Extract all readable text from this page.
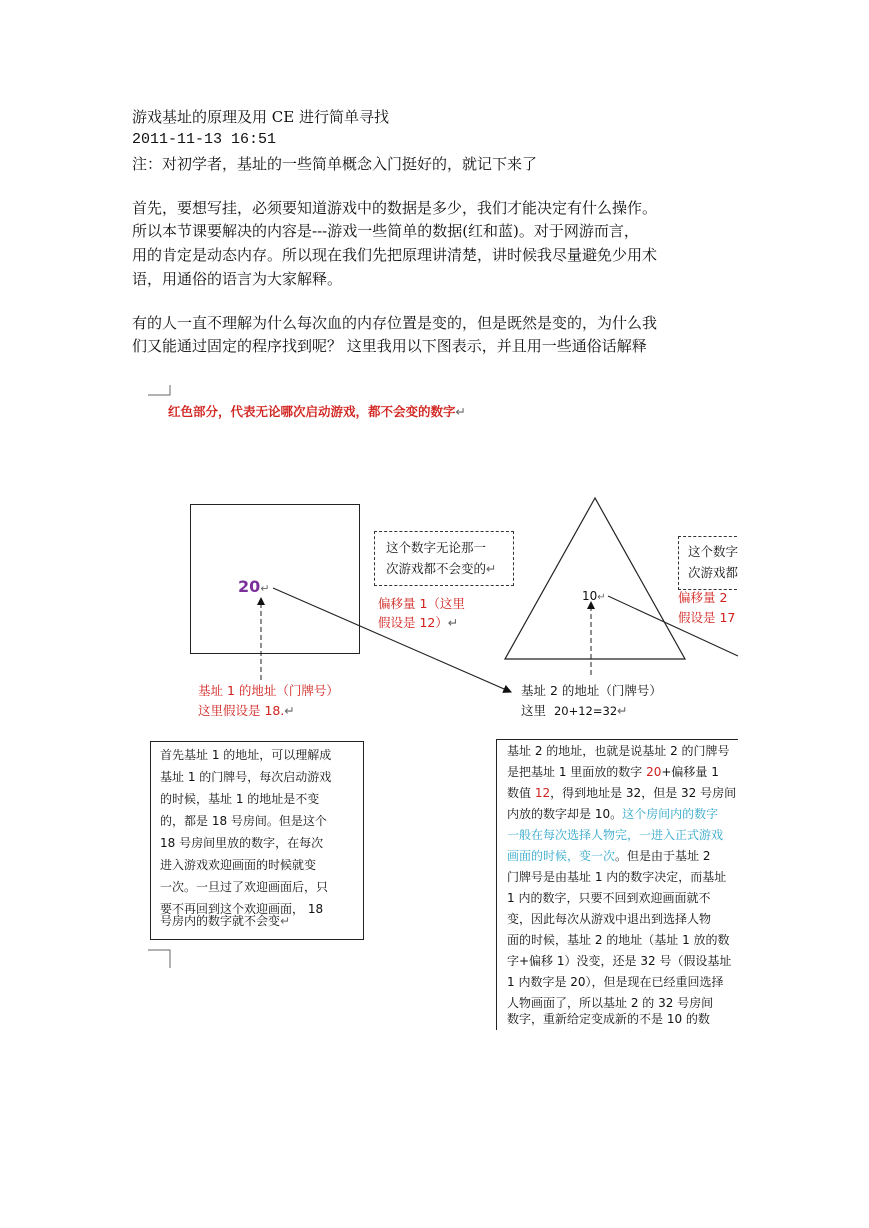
游戏基址的原理及用 CE 进行简单寻找
2011-11-13 16:51
注：对初学者，基址的一些简单概念入门挺好的，就记下来了
首先，要想写挂，必须要知道游戏中的数据是多少，我们才能决定有什么操作。
所以本节课要解决的内容是---游戏一些简单的数据(红和蓝)。对于网游而言，
用的肯定是动态内存。所以现在我们先把原理讲清楚，讲时候我尽量避免少用术
语，用通俗的语言为大家解释。
有的人一直不理解为什么每次血的内存位置是变的，但是既然是变的，为什么我
们又能通过固定的程序找到呢？ 这里我用以下图表示，并且用一些通俗话解释
红色部分，代表无论哪次启动游戏，都不会变的数字↵
20↵
这个数字无论那一
次游戏都不会变的↵
偏移量 1（这里
假设是 12）↵
10↵
这个数字
次游戏都
偏移量 2
假设是 17
基址 1 的地址（门牌号）
这里假设是 18.↵
基址 2 的地址（门牌号）
这里 20+12=32↵
首先基址 1 的地址，可以理解成
基址 1 的门牌号，每次启动游戏
的时候，基址 1 的地址是不变
的，都是 18 号房间。但是这个
18 号房间里放的数字，在每次
进入游戏欢迎画面的时候就变
一次。一旦过了欢迎画面后，只
要不再回到这个欢迎画面， 18
号房内的数字就不会变↵
基址 2 的地址，也就是说基址 2 的门牌号
是把基址 1 里面放的数字 20+偏移量 1
数值 12，得到地址是 32，但是 32 号房间
内放的数字却是 10。这个房间内的数字
一般在每次选择人物完，一进入正式游戏
画面的时候，变一次。但是由于基址 2
门牌号是由基址 1 内的数字决定，而基址
1 内的数字，只要不回到欢迎画面就不
变，因此每次从游戏中退出到选择人物
面的时候，基址 2 的地址（基址 1 放的数
字+偏移 1）没变，还是 32 号（假设基址
1 内数字是 20），但是现在已经重回选择
人物画面了，所以基址 2 的 32 号房间
数字，重新给定变成新的不是 10 的数
